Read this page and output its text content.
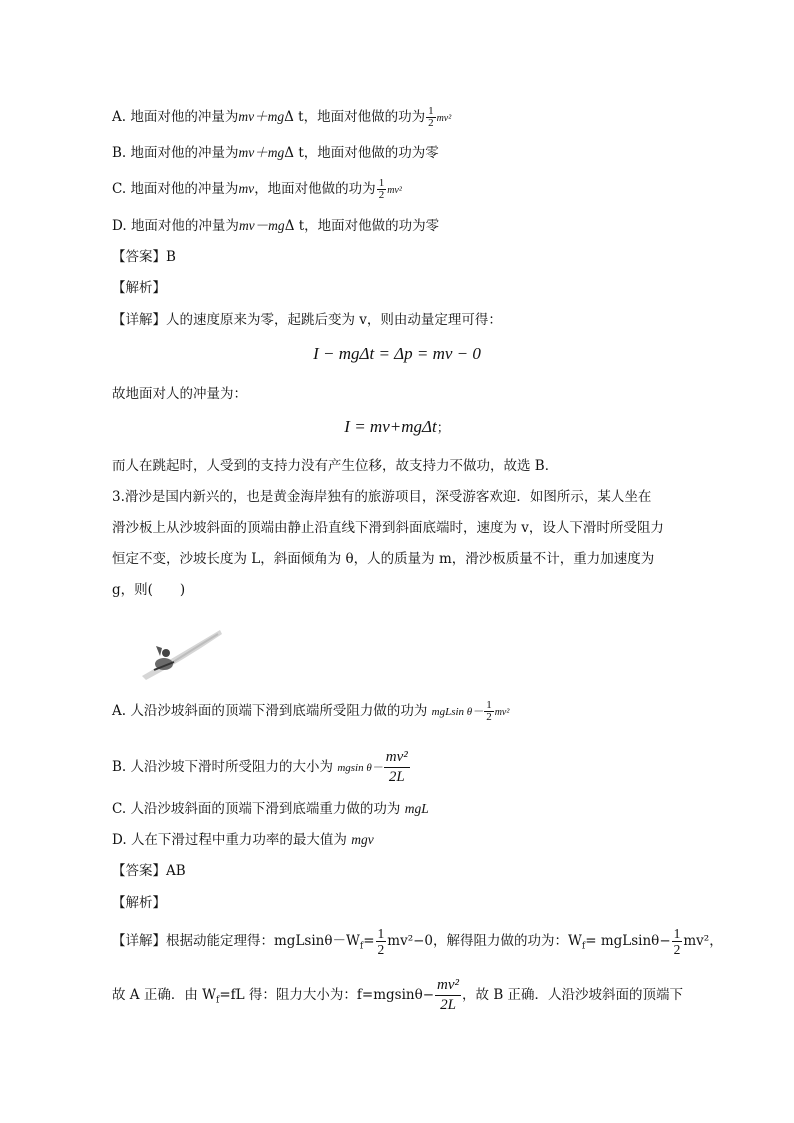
A. 地面对他的冲量为mv＋mgΔ t，地面对他做的功为 $\frac{1}{2} mv^2$
B. 地面对他的冲量为mv＋mgΔ t，地面对他做的功为零
C. 地面对他的冲量为mv，地面对他做的功为 $\frac{1}{2} mv^2$
D. 地面对他的冲量为mv－mgΔ t，地面对他做的功为零
【答案】B
【解析】
【详解】人的速度原来为零，起跳后变为 v，则由动量定理可得：
I − mgΔt = Δp = mv − 0
故地面对人的冲量为：
I = mv+mgΔt；
而人在跳起时，人受到的支持力没有产生位移，故支持力不做功，故选 B．
3.滑沙是国内新兴的，也是黄金海岸独有的旅游项目，深受游客欢迎．如图所示，某人坐在
滑沙板上从沙坡斜面的顶端由静止沿直线下滑到斜面底端时，速度为 v，设人下滑时所受阻力
恒定不变，沙坡长度为 L，斜面倾角为 θ，人的质量为 m，滑沙板质量不计，重力加速度为
g，则(　　)
A. 人沿沙坡斜面的顶端下滑到底端所受阻力做的功为 mgLsin $\theta- \frac{1}{2} mv^2$
B. 人沿沙坡下滑时所受阻力的大小为 mgsin $\theta- \frac{\text{mv²}}{2L}$
C. 人沿沙坡斜面的顶端下滑到底端重力做的功为 mgL
D. 人在下滑过程中重力功率的最大值为 mgv
【答案】AB
【解析】
【详解】根据动能定理得：$mgLsin\theta-W_f= \frac{1}{2} mv^2-0$，解得阻力做的功为：$W_f= mgLsin\theta- \frac{1}{2} mv^2$，
故 A 正确．由 $W_f=fL$ 得：阻力大小为：$f=mgsin\theta- \frac{\text{mv²}}{2L}$ ，故 B 正确．人沿沙坡斜面的顶端下
